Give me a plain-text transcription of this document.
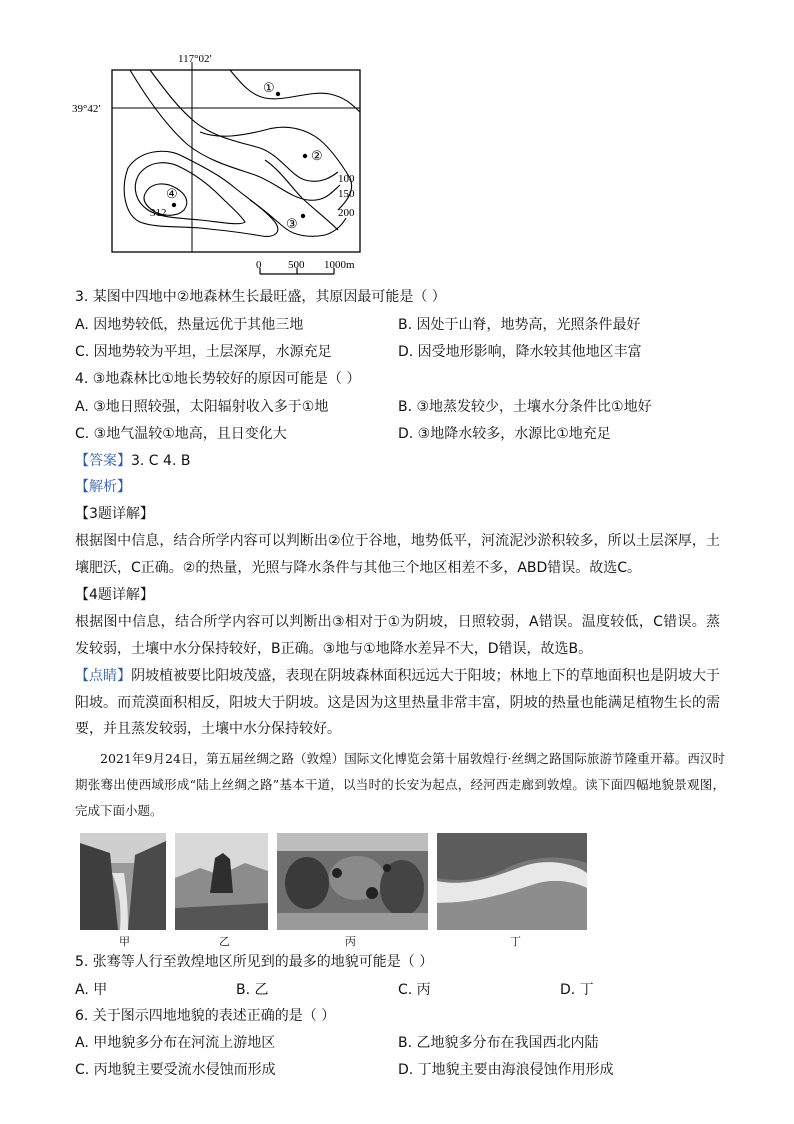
117°02′
39°42′
①
②
③
④
100
150
200
312
0 500 1000m
3. 某图中四地中②地森林生长最旺盛，其原因最可能是（ ）
A. 因地势较低，热量远优于其他三地	B. 因处于山脊，地势高，光照条件最好
C. 因地势较为平坦，土层深厚，水源充足	D. 因受地形影响，降水较其他地区丰富
4. ③地森林比①地长势较好的原因可能是（ ）
A. ③地日照较强，太阳辐射收入多于①地	B. ③地蒸发较少，土壤水分条件比①地好
C. ③地气温较①地高，且日变化大	D. ③地降水较多，水源比①地充足
【答案】3. C 4. B
【解析】
【3题详解】
根据图中信息，结合所学内容可以判断出②位于谷地，地势低平，河流泥沙淤积较多，所以土层深厚，土壤肥沃，C正确。②的热量，光照与降水条件与其他三个地区相差不多，ABD错误。故选C。
【4题详解】
根据图中信息，结合所学内容可以判断出③相对于①为阴坡，日照较弱，A错误。温度较低，C错误。蒸发较弱，土壤中水分保持较好，B正确。③地与①地降水差异不大，D错误，故选B。
【点睛】阴坡植被要比阳坡茂盛，表现在阴坡森林面积远远大于阳坡；林地上下的草地面积也是阴坡大于阳坡。而荒漠面积相反，阳坡大于阴坡。这是因为这里热量非常丰富，阴坡的热量也能满足植物生长的需要，并且蒸发较弱，土壤中水分保持较好。
2021年9月24日，第五届丝绸之路（敦煌）国际文化博览会第十届敦煌行·丝绸之路国际旅游节隆重开幕。西汉时期张骞出使西域形成“陆上丝绸之路”基本干道，以当时的长安为起点，经河西走廊到敦煌。读下面四幅地貌景观图，完成下面小题。
甲	乙	丙	丁
5. 张骞等人行至敦煌地区所见到的最多的地貌可能是（ ）
A. 甲	B. 乙	C. 丙	D. 丁
6. 关于图示四地地貌的表述正确的是（ ）
A. 甲地貌多分布在河流上游地区	B. 乙地貌多分布在我国西北内陆
C. 丙地貌主要受流水侵蚀而形成	D. 丁地貌主要由海浪侵蚀作用形成
